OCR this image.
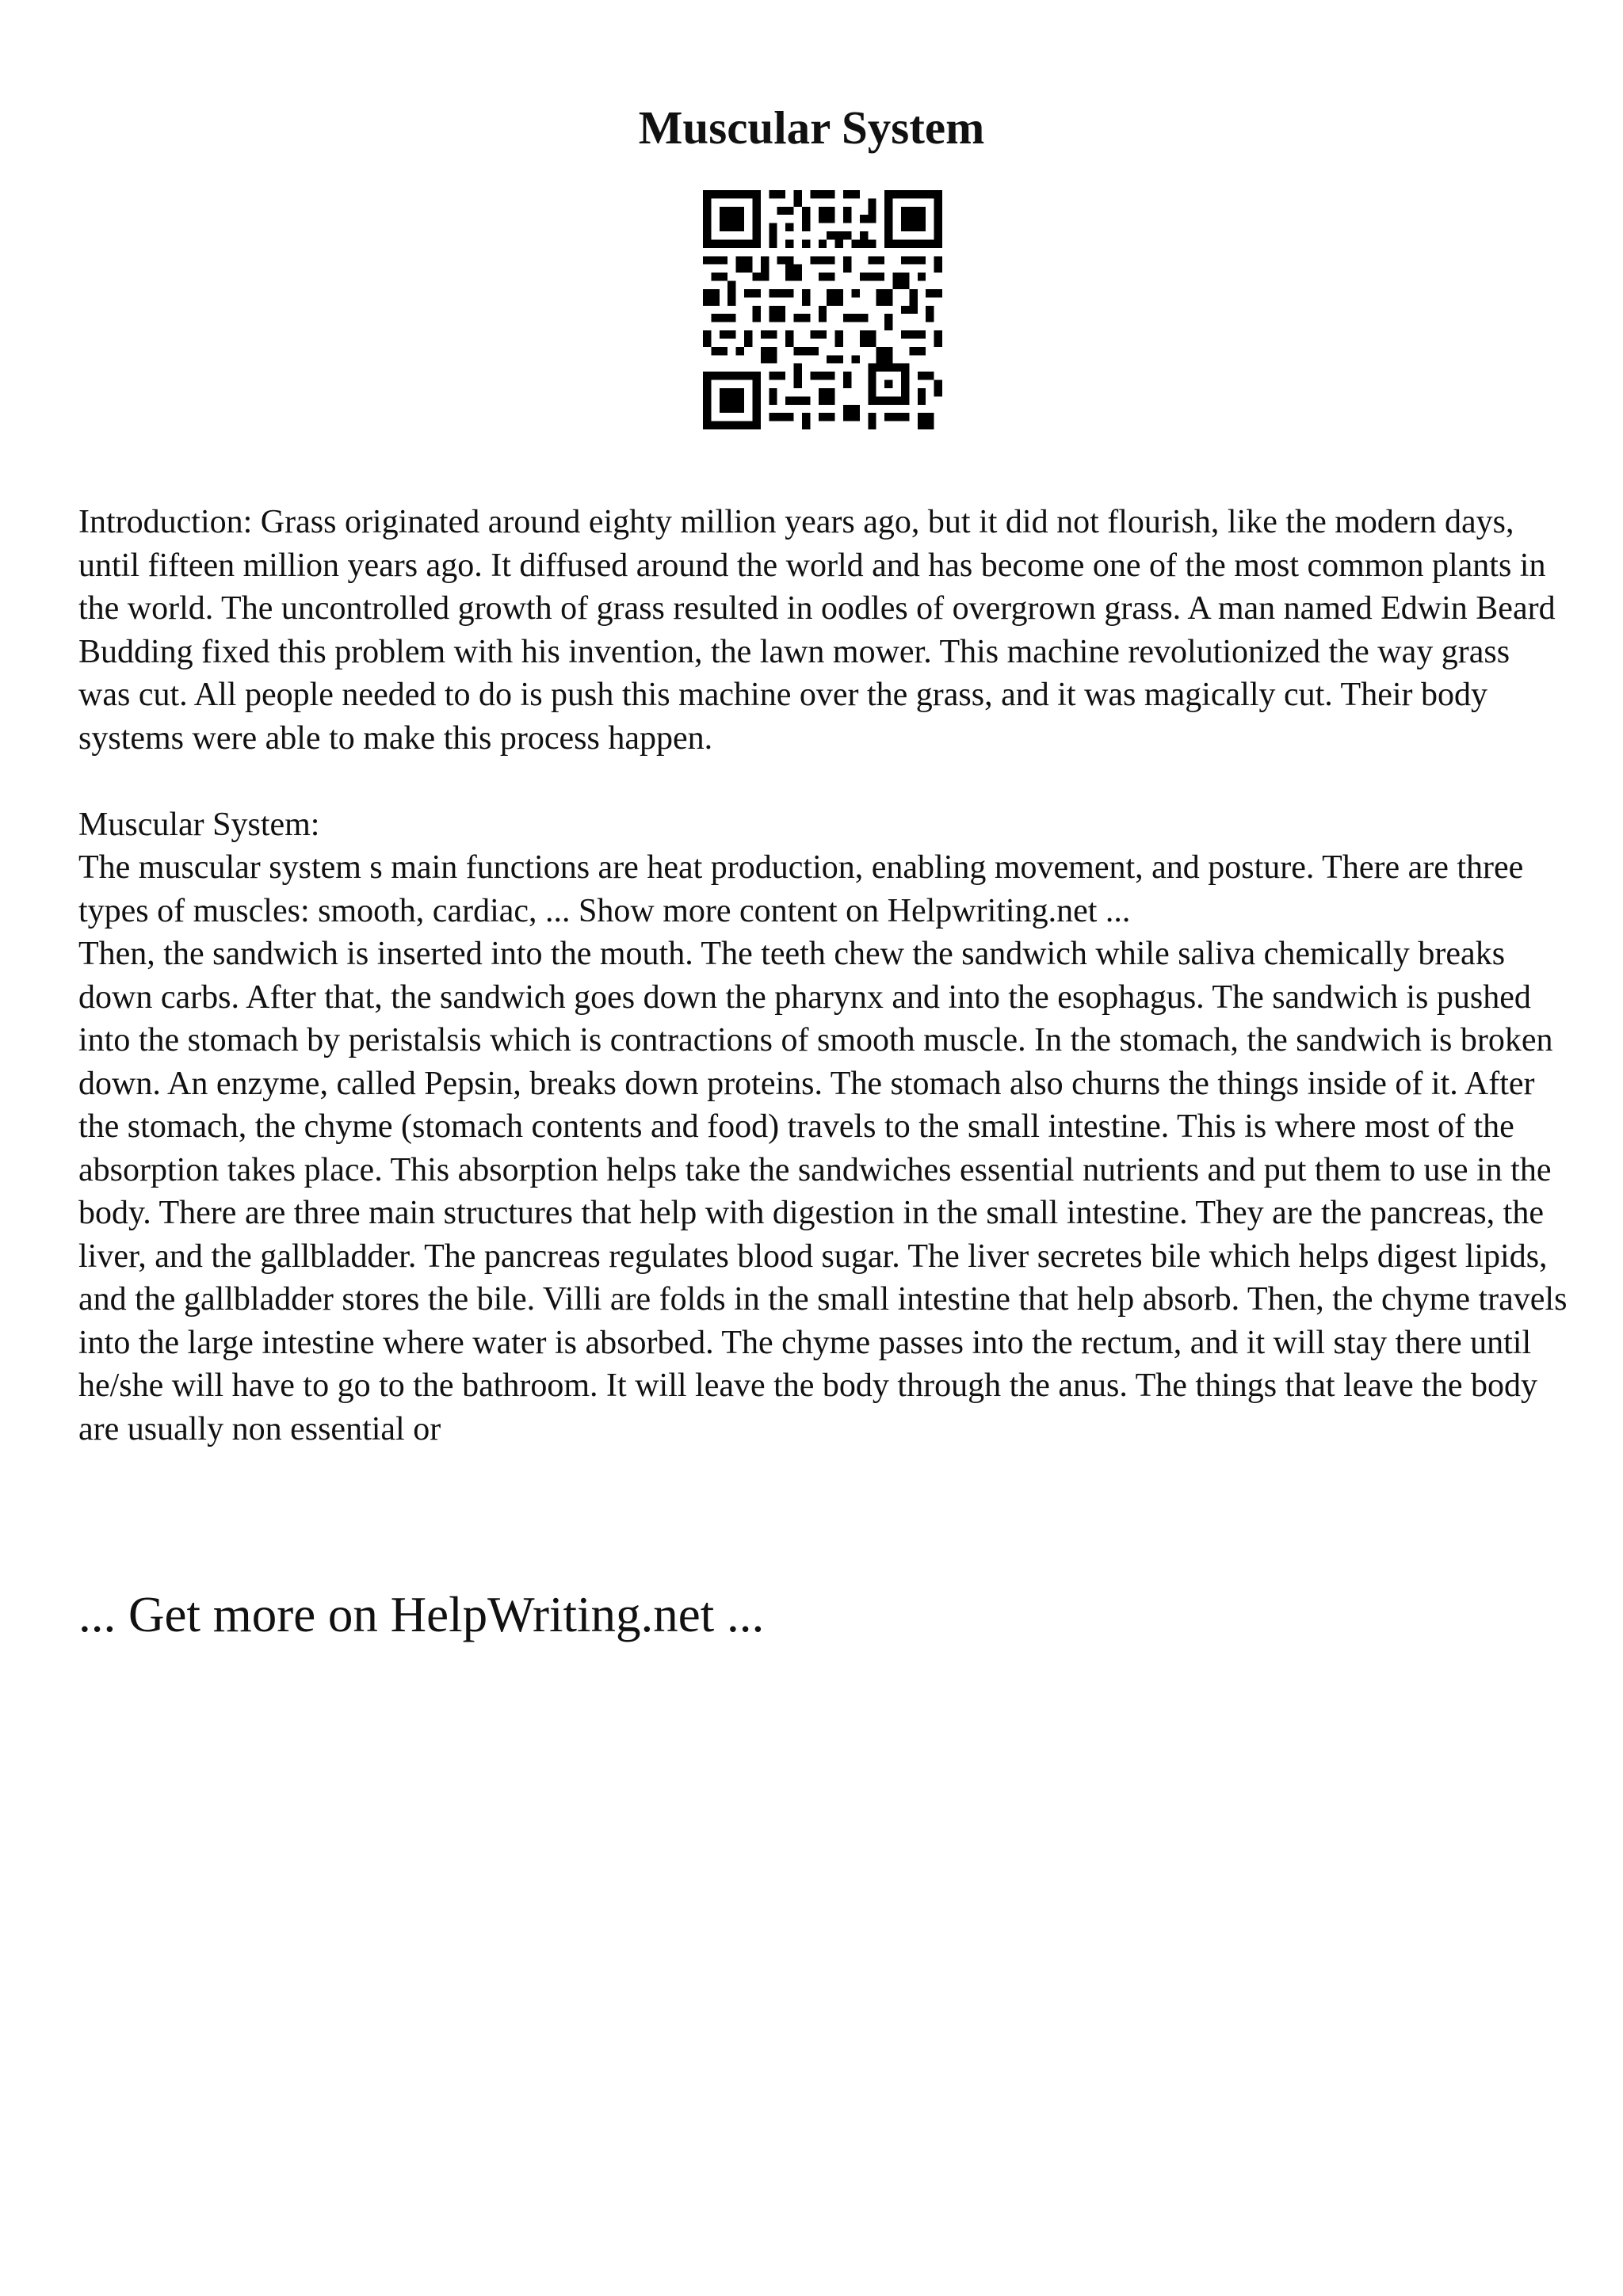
Muscular System

Introduction: Grass originated around eighty million years ago, but it did not flourish, like the modern days, until fifteen million years ago. It diffused around the world and has become one of the most common plants in the world. The uncontrolled growth of grass resulted in oodles of overgrown grass. A man named Edwin Beard Budding fixed this problem with his invention, the lawn mower. This machine revolutionized the way grass was cut. All people needed to do is push this machine over the grass, and it was magically cut. Their body systems were able to make this process happen.

Muscular System:

The muscular system s main functions are heat production, enabling movement, and posture. There are three types of muscles: smooth, cardiac, ... Show more content on Helpwriting.net ...

Then, the sandwich is inserted into the mouth. The teeth chew the sandwich while saliva chemically breaks down carbs. After that, the sandwich goes down the pharynx and into the esophagus. The sandwich is pushed into the stomach by peristalsis which is contractions of smooth muscle. In the stomach, the sandwich is broken down. An enzyme, called Pepsin, breaks down proteins. The stomach also churns the things inside of it. After the stomach, the chyme (stomach contents and food) travels to the small intestine. This is where most of the absorption takes place. This absorption helps take the sandwiches essential nutrients and put them to use in the body. There are three main structures that help with digestion in the small intestine. They are the pancreas, the liver, and the gallbladder. The pancreas regulates blood sugar. The liver secretes bile which helps digest lipids, and the gallbladder stores the bile. Villi are folds in the small intestine that help absorb. Then, the chyme travels into the large intestine where water is absorbed. The chyme passes into the rectum, and it will stay there until he/she will have to go to the bathroom. It will leave the body through the anus. The things that leave the body are usually non essential or

... Get more on HelpWriting.net ...
